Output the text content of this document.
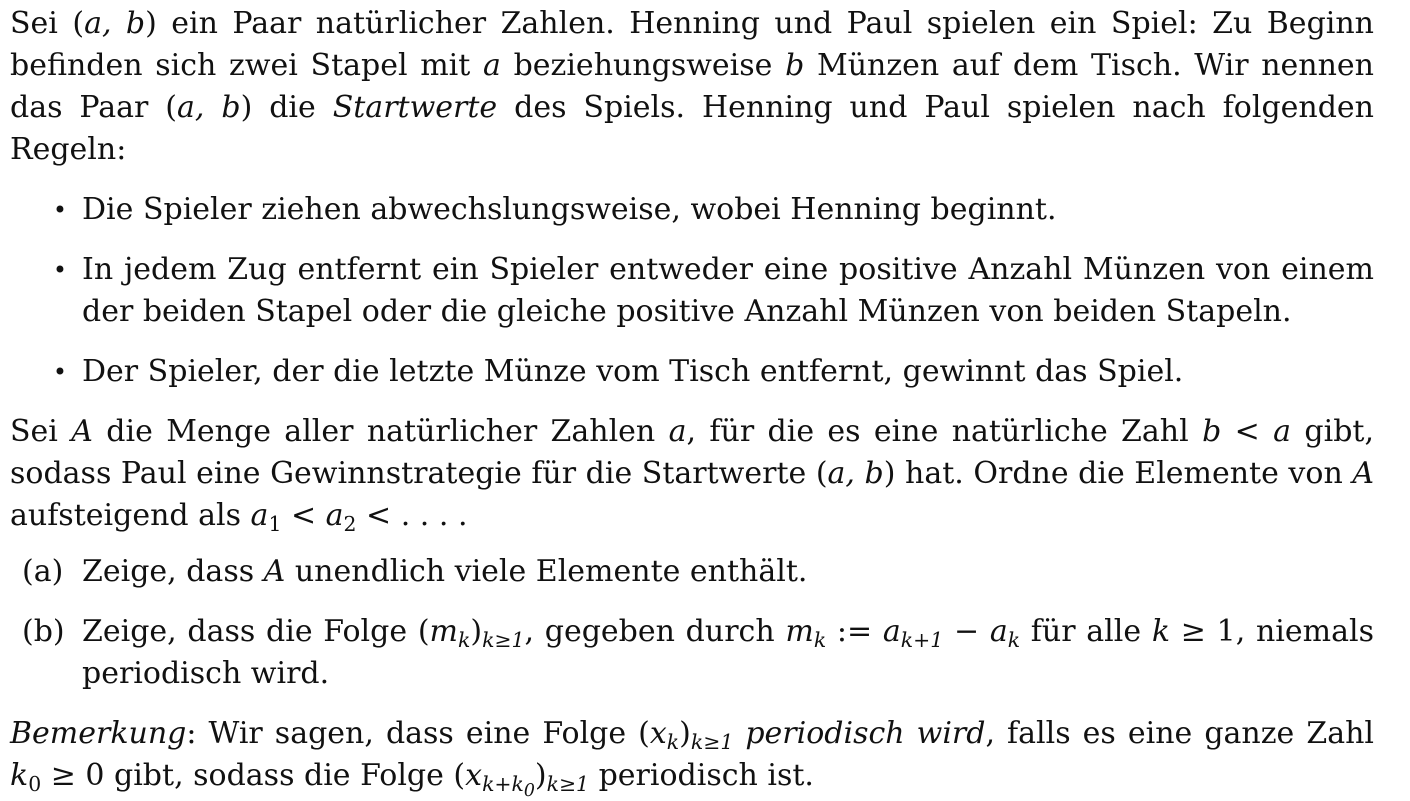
Sei (a, b) ein Paar natürlicher Zahlen. Henning und Paul spielen ein Spiel: Zu Beginn befinden sich zwei Stapel mit a beziehungsweise b Münzen auf dem Tisch. Wir nennen das Paar (a, b) die Startwerte des Spiels. Henning und Paul spielen nach folgenden Regeln:

• Die Spieler ziehen abwechslungsweise, wobei Henning beginnt.
• In jedem Zug entfernt ein Spieler entweder eine positive Anzahl Münzen von einem der beiden Stapel oder die gleiche positive Anzahl Münzen von beiden Stapeln.
• Der Spieler, der die letzte Münze vom Tisch entfernt, gewinnt das Spiel.

Sei A die Menge aller natürlicher Zahlen a, für die es eine natürliche Zahl b < a gibt, sodass Paul eine Gewinnstrategie für die Startwerte (a, b) hat. Ordne die Elemente von A aufsteigend als $a_1 < a_2$ < . . . .

(a) Zeige, dass A unendlich viele Elemente enthält.
(b) Zeige, dass die Folge $(m_k)_{k\ge 1}$, gegeben durch $m_k$ := $a_{k+1} - a_k$ für alle k ≥ 1, niemals periodisch wird.

Bemerkung: Wir sagen, dass eine Folge $(x_k)_{k\ge 1}$ periodisch wird, falls es eine ganze Zahl $k_0 \ge 0$ gibt, sodass die Folge $(x_{k+k_0})_{k\ge 1}$ periodisch ist.
